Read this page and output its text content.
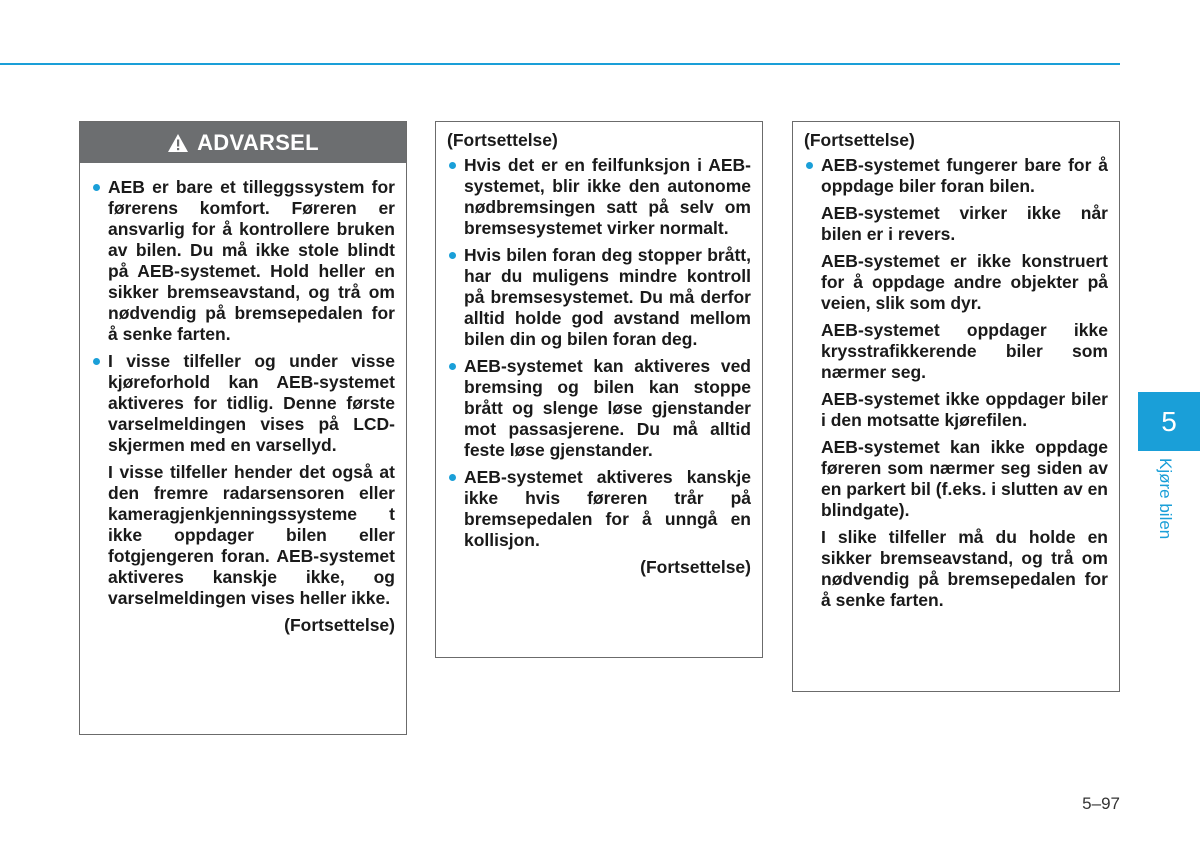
ADVARSEL

AEB er bare et tilleggssystem for førerens komfort. Føreren er ansvarlig for å kontrollere bruken av bilen. Du må ikke stole blindt på AEB-systemet. Hold heller en sikker bremseavstand, og trå om nødvendig på bremsepedalen for å senke farten.

I visse tilfeller og under visse kjøreforhold kan AEB-systemet aktiveres for tidlig. Denne første varselmeldingen vises på LCD-skjermen med en varsellyd.

I visse tilfeller hender det også at den fremre radarsensoren eller kameragjenkjenningssysteme t ikke oppdager bilen eller fotgjengeren foran. AEB-systemet aktiveres kanskje ikke, og varselmeldingen vises heller ikke.

(Fortsettelse)
(Fortsettelse)

Hvis det er en feilfunksjon i AEB-systemet, blir ikke den autonome nødbremsingen satt på selv om bremsesystemet virker normalt.

Hvis bilen foran deg stopper brått, har du muligens mindre kontroll på bremsesystemet. Du må derfor alltid holde god avstand mellom bilen din og bilen foran deg.

AEB-systemet kan aktiveres ved bremsing og bilen kan stoppe brått og slenge løse gjenstander mot passasjerene. Du må alltid feste løse gjenstander.

AEB-systemet aktiveres kanskje ikke hvis føreren trår på bremsepedalen for å unngå en kollisjon.

(Fortsettelse)
(Fortsettelse)

AEB-systemet fungerer bare for å oppdage biler foran bilen.

AEB-systemet virker ikke når bilen er i revers.

AEB-systemet er ikke konstruert for å oppdage andre objekter på veien, slik som dyr.

AEB-systemet oppdager ikke krysstrafikkerende biler som nærmer seg.

AEB-systemet ikke oppdager biler i den motsatte kjørefilen.

AEB-systemet kan ikke oppdage føreren som nærmer seg siden av en parkert bil (f.eks. i slutten av en blindgate).

I slike tilfeller må du holde en sikker bremseavstand, og trå om nødvendig på bremsepedalen for å senke farten.

5
Kjøre bilen
5–97
